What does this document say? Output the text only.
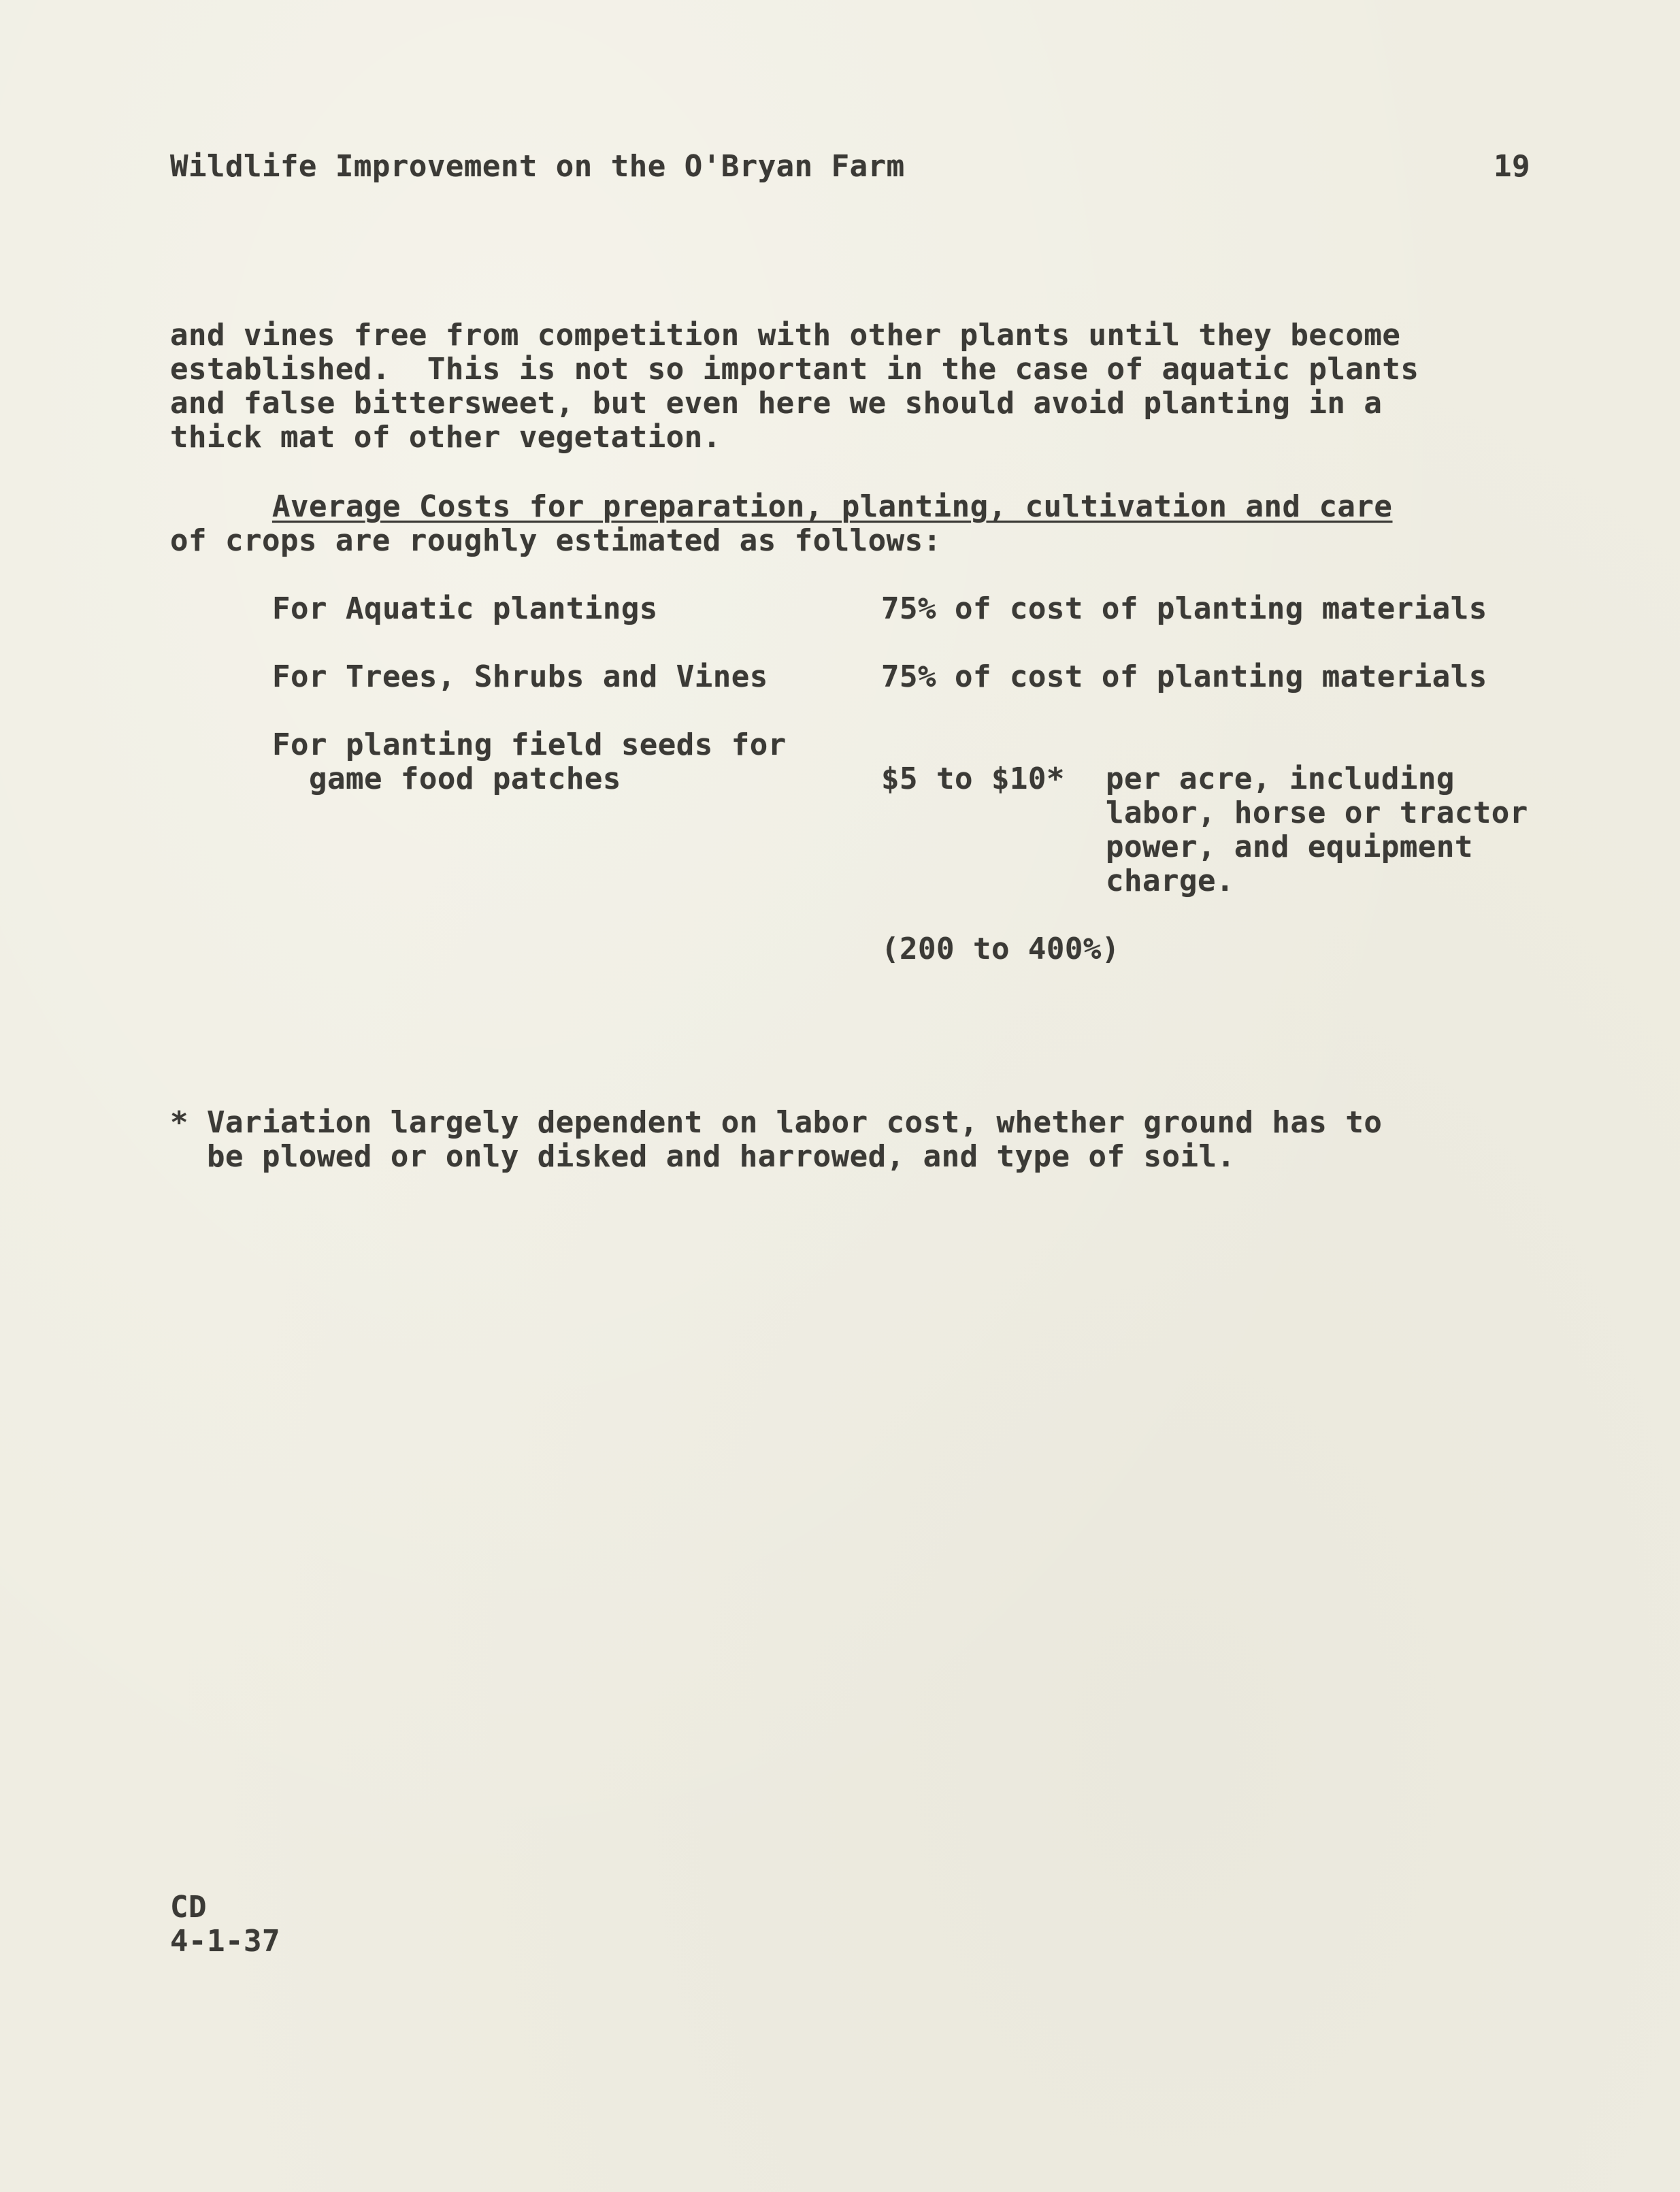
Wildlife Improvement on the O'Bryan Farm	19
and vines free from competition with other plants until they become
established.  This is not so important in the case of aquatic plants
and false bittersweet, but even here we should avoid planting in a
thick mat of other vegetation.
Average Costs for preparation, planting, cultivation and care
of crops are roughly estimated as follows:
For Aquatic plantings	75% of cost of planting materials
For Trees, Shrubs and Vines	75% of cost of planting materials
For planting field seeds for
game food patches	$5 to $10* per acre, including
labor, horse or tractor
power, and equipment
charge.
(200 to 400%)
* Variation largely dependent on labor cost, whether ground has to
be plowed or only disked and harrowed, and type of soil.
CD
4-1-37
